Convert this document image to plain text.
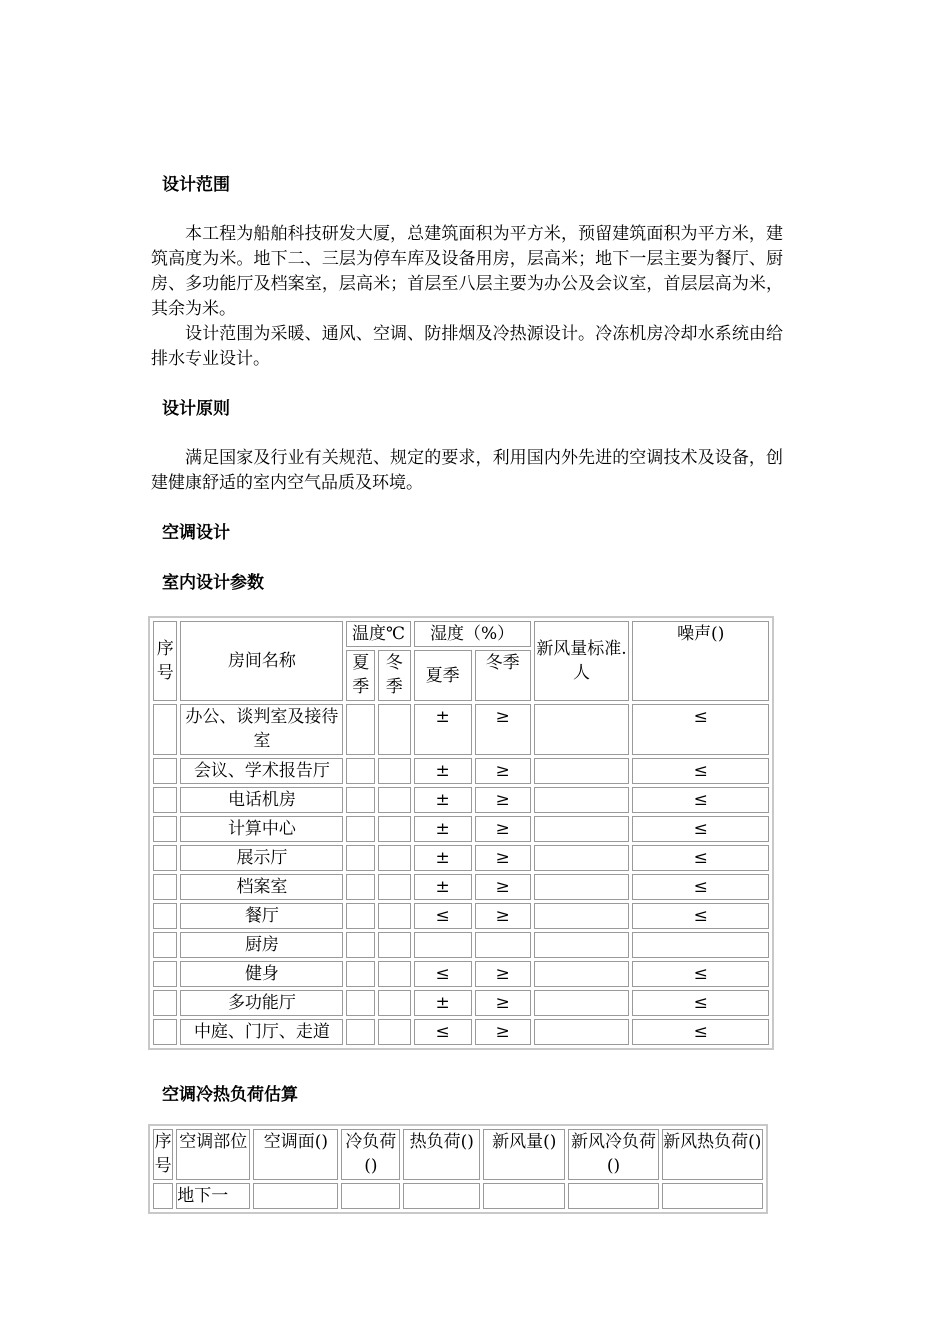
设计范围

本工程为船舶科技研发大厦，总建筑面积为平方米，预留建筑面积为平方米，建筑高度为米。地下二、三层为停车库及设备用房，层高米；地下一层主要为餐厅、厨房、多功能厅及档案室，层高米；首层至八层主要为办公及会议室，首层层高为米，其余为米。

设计范围为采暖、通风、空调、防排烟及冷热源设计。冷冻机房冷却水系统由给排水专业设计。

设计原则

满足国家及行业有关规范、规定的要求，利用国内外先进的空调技术及设备，创建健康舒适的室内空气品质及环境。

空调设计
室内设计参数
序号	房间名称	温度℃		湿度（%）		新风量标准.人	噪声()
		夏季	冬季	夏季	冬季		
	办公、谈判室及接待室			±	≥		≤
	会议、学术报告厅			±	≥		≤
	电话机房			±	≥		≤
	计算中心			±	≥		≤
	展示厅			±	≥		≤
	档案室			±	≥		≤
	餐厅			≤	≥		≤
	厨房						
	健身			≤	≥		≤
	多功能厅			±	≥		≤
	中庭、门厅、走道			≤	≥		≤
空调冷热负荷估算
序号	空调部位	空调面()	冷负荷()	热负荷()	新风量()	新风冷负荷()	新风热负荷()
	地下一						
